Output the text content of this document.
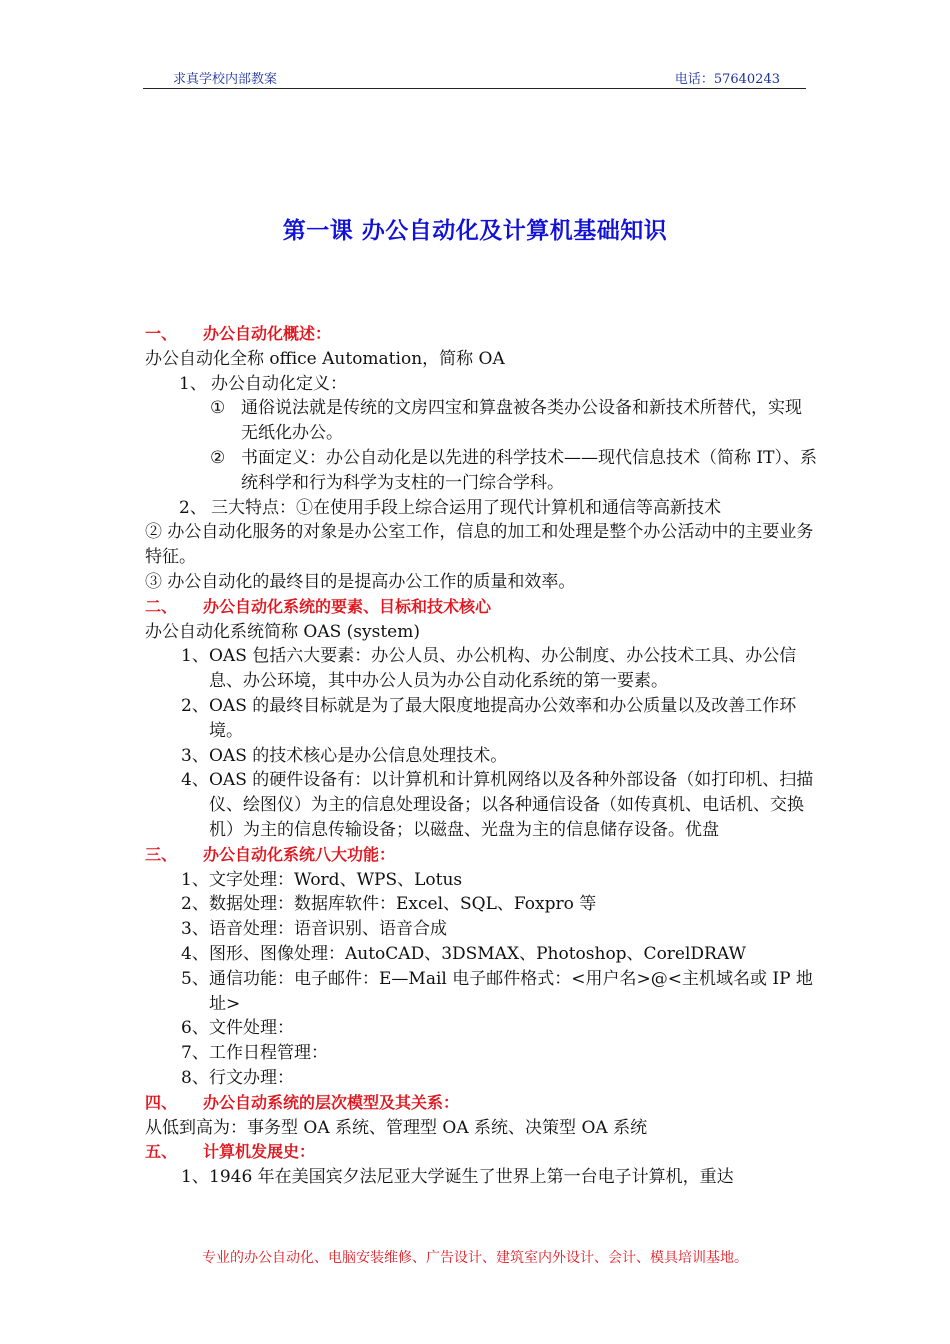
求真学校内部教案	电话：57640243
第一课 办公自动化及计算机基础知识
一、 办公自动化概述：

办公自动化全称 office Automation，简称 OA

1、 办公自动化定义：
① 通俗说法就是传统的文房四宝和算盘被各类办公设备和新技术所替代，实现无纸化办公。
② 书面定义：办公自动化是以先进的科学技术——现代信息技术（简称 IT）、系统科学和行为科学为支柱的一门综合学科。
2、 三大特点：①在使用手段上综合运用了现代计算机和通信等高新技术

② 办公自动化服务的对象是办公室工作，信息的加工和处理是整个办公活动中的主要业务特征。

③ 办公自动化的最终目的是提高办公工作的质量和效率。

二、 办公自动化系统的要素、目标和技术核心

办公自动化系统简称 OAS (system)

1、 OAS 包括六大要素：办公人员、办公机构、办公制度、办公技术工具、办公信息、办公环境，其中办公人员为办公自动化系统的第一要素。
2、 OAS 的最终目标就是为了最大限度地提高办公效率和办公质量以及改善工作环境。
3、 OAS 的技术核心是办公信息处理技术。
4、 OAS 的硬件设备有：以计算机和计算机网络以及各种外部设备（如打印机、扫描仪、绘图仪）为主的信息处理设备；以各种通信设备（如传真机、电话机、交换机）为主的信息传输设备；以磁盘、光盘为主的信息储存设备。优盘
三、 办公自动化系统八大功能：
1、 文字处理：Word、WPS、Lotus
2、 数据处理：数据库软件：Excel、SQL、Foxpro 等
3、 语音处理：语音识别、语音合成
4、 图形、图像处理：AutoCAD、3DSMAX、Photoshop、CorelDRAW
5、 通信功能：电子邮件：E—Mail 电子邮件格式：<用户名>@<主机域名或 IP 地址>
6、 文件处理：
7、 工作日程管理：
8、 行文办理：
四、 办公自动系统的层次模型及其关系：

从低到高为：事务型 OA 系统、管理型 OA 系统、决策型 OA 系统

五、 计算机发展史：
1、 1946 年在美国宾夕法尼亚大学诞生了世界上第一台电子计算机，重达
专业的办公自动化、电脑安装维修、广告设计、建筑室内外设计、会计、模具培训基地。
